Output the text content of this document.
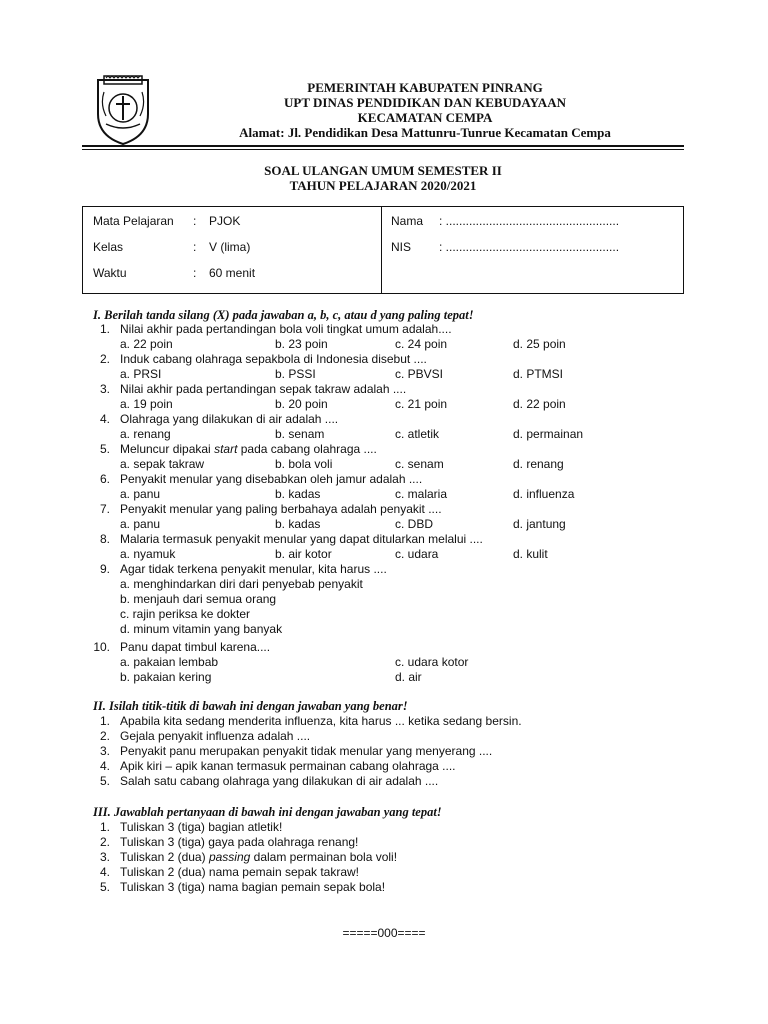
PEMERINTAH KABUPATEN PINRANG
UPT DINAS PENDIDIKAN DAN KEBUDAYAAN
KECAMATAN CEMPA
Alamat: Jl. Pendidikan Desa Mattunru-Tunrue Kecamatan Cempa
SOAL ULANGAN UMUM SEMESTER II
TAHUN PELAJARAN 2020/2021
Mata Pelajaran : PJOK
Kelas	: V (lima)
Waktu	: 60 menit
Nama : ....................................................
NIS : ....................................................
I. Berilah tanda silang (X) pada jawaban a, b, c, atau d yang paling tepat!
1. Nilai akhir pada pertandingan bola voli tingkat umum adalah....
a. 22 poin	b. 23 poin	c. 24 poin	d. 25 poin
2. Induk cabang olahraga sepakbola di Indonesia disebut ....
a. PRSI	b. PSSI	c. PBVSI	d. PTMSI
3. Nilai akhir pada pertandingan sepak takraw adalah ....
a. 19 poin	b. 20 poin	c. 21 poin	d. 22 poin
4. Olahraga yang dilakukan di air adalah ....
a. renang	b. senam	c. atletik	d. permainan
5. Meluncur dipakai start pada cabang olahraga ....
a. sepak takraw	b. bola voli	c. senam	d. renang
6. Penyakit menular yang disebabkan oleh jamur adalah ....
a. panu	b. kadas	c. malaria	d. influenza
7. Penyakit menular yang paling berbahaya adalah penyakit ....
a. panu	b. kadas	c. DBD	d. jantung
8. Malaria termasuk penyakit menular yang dapat ditularkan melalui ....
a. nyamuk	b. air kotor	c. udara	d. kulit
9. Agar tidak terkena penyakit menular, kita harus ....
a. menghindarkan diri dari penyebab penyakit
b. menjauh dari semua orang
c. rajin periksa ke dokter
d. minum vitamin yang banyak
10. Panu dapat timbul karena....
a. pakaian lembab	c. udara kotor
b. pakaian kering	d. air
II. Isilah titik-titik di bawah ini dengan jawaban yang benar!
1. Apabila kita sedang menderita influenza, kita harus ... ketika sedang bersin.
2. Gejala penyakit influenza adalah ....
3. Penyakit panu merupakan penyakit tidak menular yang menyerang ....
4. Apik kiri – apik kanan termasuk permainan cabang olahraga ....
5. Salah satu cabang olahraga yang dilakukan di air adalah ....
III. Jawablah pertanyaan di bawah ini dengan jawaban yang tepat!
1. Tuliskan 3 (tiga) bagian atletik!
2. Tuliskan 3 (tiga) gaya pada olahraga renang!
3. Tuliskan 2 (dua) passing dalam permainan bola voli!
4. Tuliskan 2 (dua) nama pemain sepak takraw!
5. Tuliskan 3 (tiga) nama bagian pemain sepak bola!
=====000====
